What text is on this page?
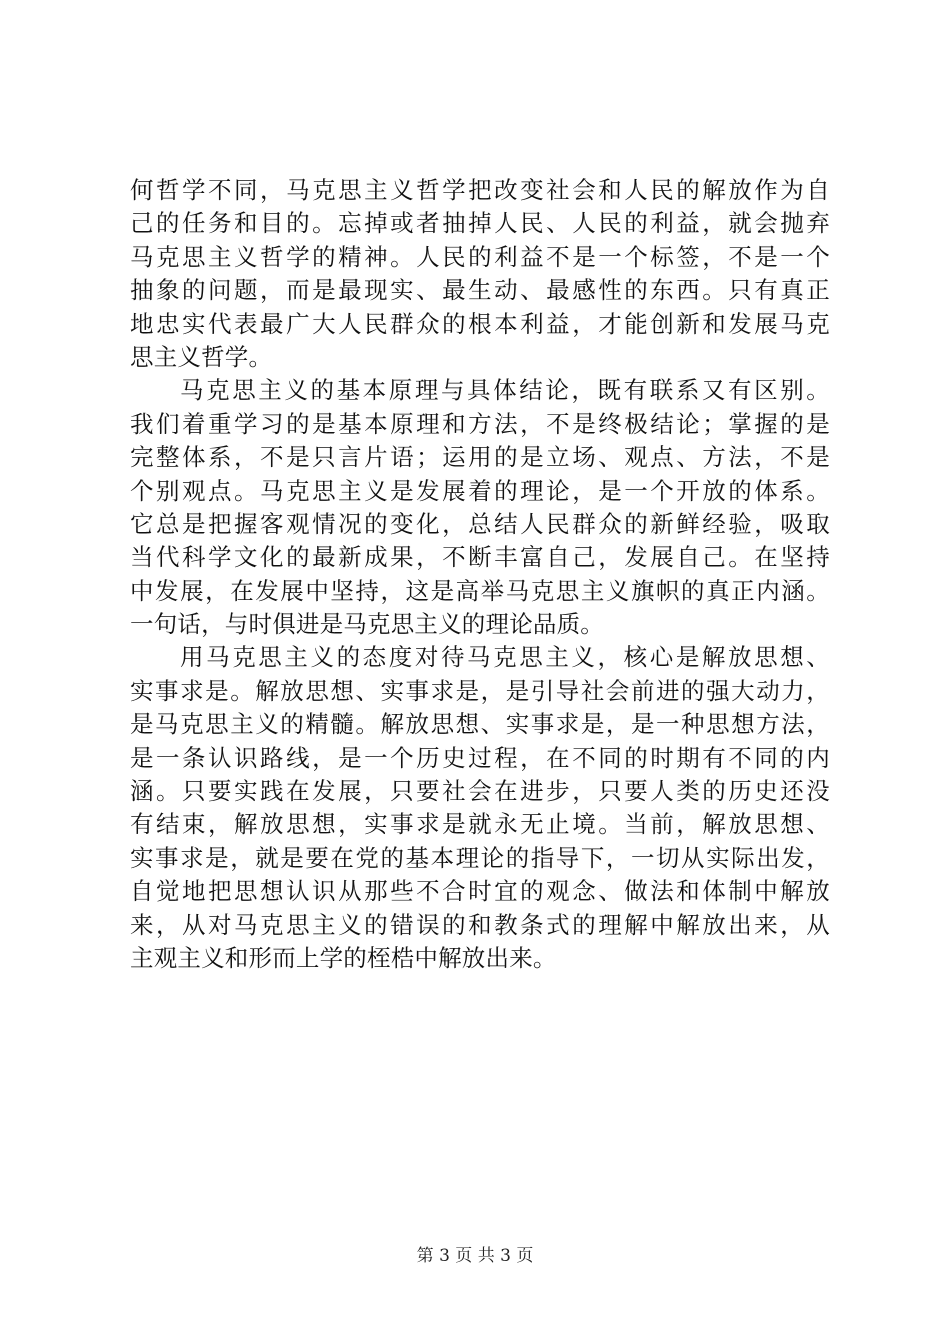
何哲学不同，马克思主义哲学把改变社会和人民的解放作为自
己的任务和目的。忘掉或者抽掉人民、人民的利益，就会抛弃
马克思主义哲学的精神。人民的利益不是一个标签，不是一个
抽象的问题，而是最现实、最生动、最感性的东西。只有真正
地忠实代表最广大人民群众的根本利益，才能创新和发展马克
思主义哲学。
马克思主义的基本原理与具体结论，既有联系又有区别。
我们着重学习的是基本原理和方法，不是终极结论；掌握的是
完整体系，不是只言片语；运用的是立场、观点、方法，不是
个别观点。马克思主义是发展着的理论，是一个开放的体系。
它总是把握客观情况的变化，总结人民群众的新鲜经验，吸取
当代科学文化的最新成果，不断丰富自己，发展自己。在坚持
中发展，在发展中坚持，这是高举马克思主义旗帜的真正内涵。
一句话，与时俱进是马克思主义的理论品质。
用马克思主义的态度对待马克思主义，核心是解放思想、
实事求是。解放思想、实事求是，是引导社会前进的强大动力，
是马克思主义的精髓。解放思想、实事求是，是一种思想方法，
是一条认识路线，是一个历史过程，在不同的时期有不同的内
涵。只要实践在发展，只要社会在进步，只要人类的历史还没
有结束，解放思想，实事求是就永无止境。当前，解放思想、
实事求是，就是要在党的基本理论的指导下，一切从实际出发，
自觉地把思想认识从那些不合时宜的观念、做法和体制中解放
来，从对马克思主义的错误的和教条式的理解中解放出来，从
主观主义和形而上学的桎梏中解放出来。
第 3 页 共 3 页
